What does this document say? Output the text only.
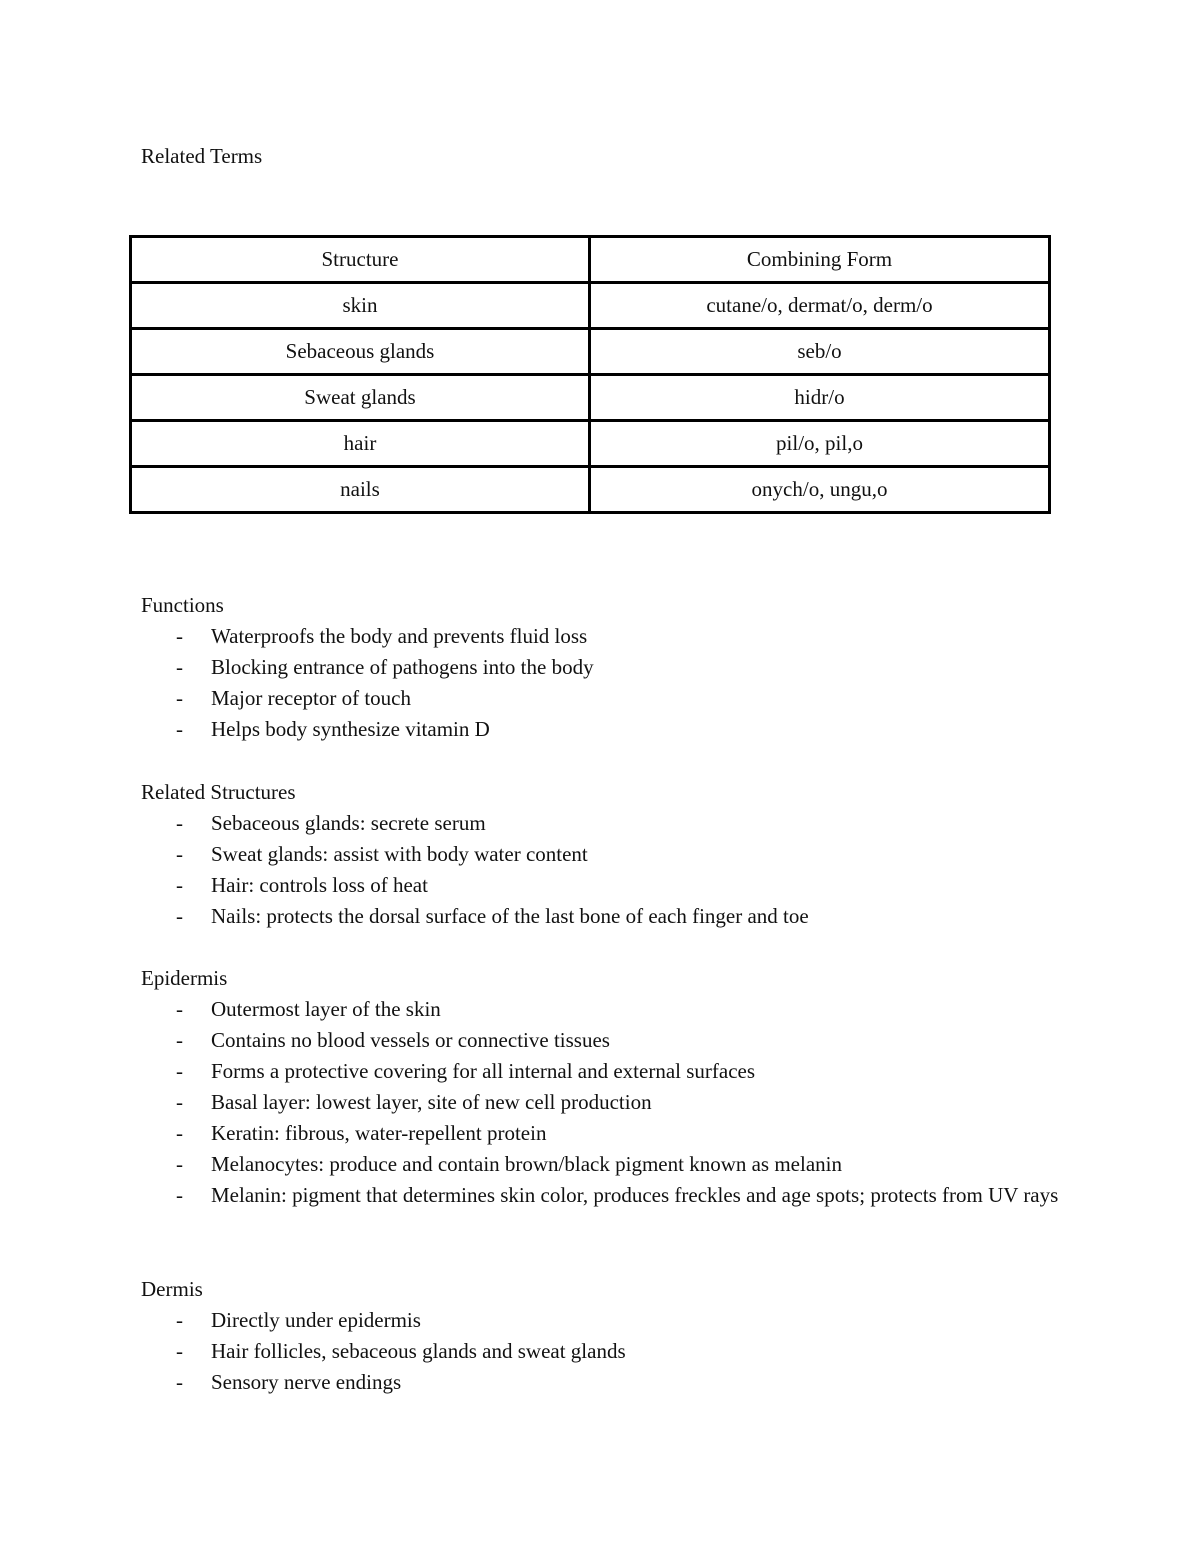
Related Terms
Structure	Combining Form
skin	cutane/o, dermat/o, derm/o
Sebaceous glands	seb/o
Sweat glands	hidr/o
hair	pil/o, pil,o
nails	onych/o, ungu,o
Functions
- Waterproofs the body and prevents fluid loss
- Blocking entrance of pathogens into the body
- Major receptor of touch
- Helps body synthesize vitamin D
Related Structures
- Sebaceous glands: secrete serum
- Sweat glands: assist with body water content
- Hair: controls loss of heat
- Nails: protects the dorsal surface of the last bone of each finger and toe
Epidermis
- Outermost layer of the skin
- Contains no blood vessels or connective tissues
- Forms a protective covering for all internal and external surfaces
- Basal layer: lowest layer, site of new cell production
- Keratin: fibrous, water-repellent protein
- Melanocytes: produce and contain brown/black pigment known as melanin
- Melanin: pigment that determines skin color, produces freckles and age spots; protects from UV rays
Dermis
- Directly under epidermis
- Hair follicles, sebaceous glands and sweat glands
- Sensory nerve endings
